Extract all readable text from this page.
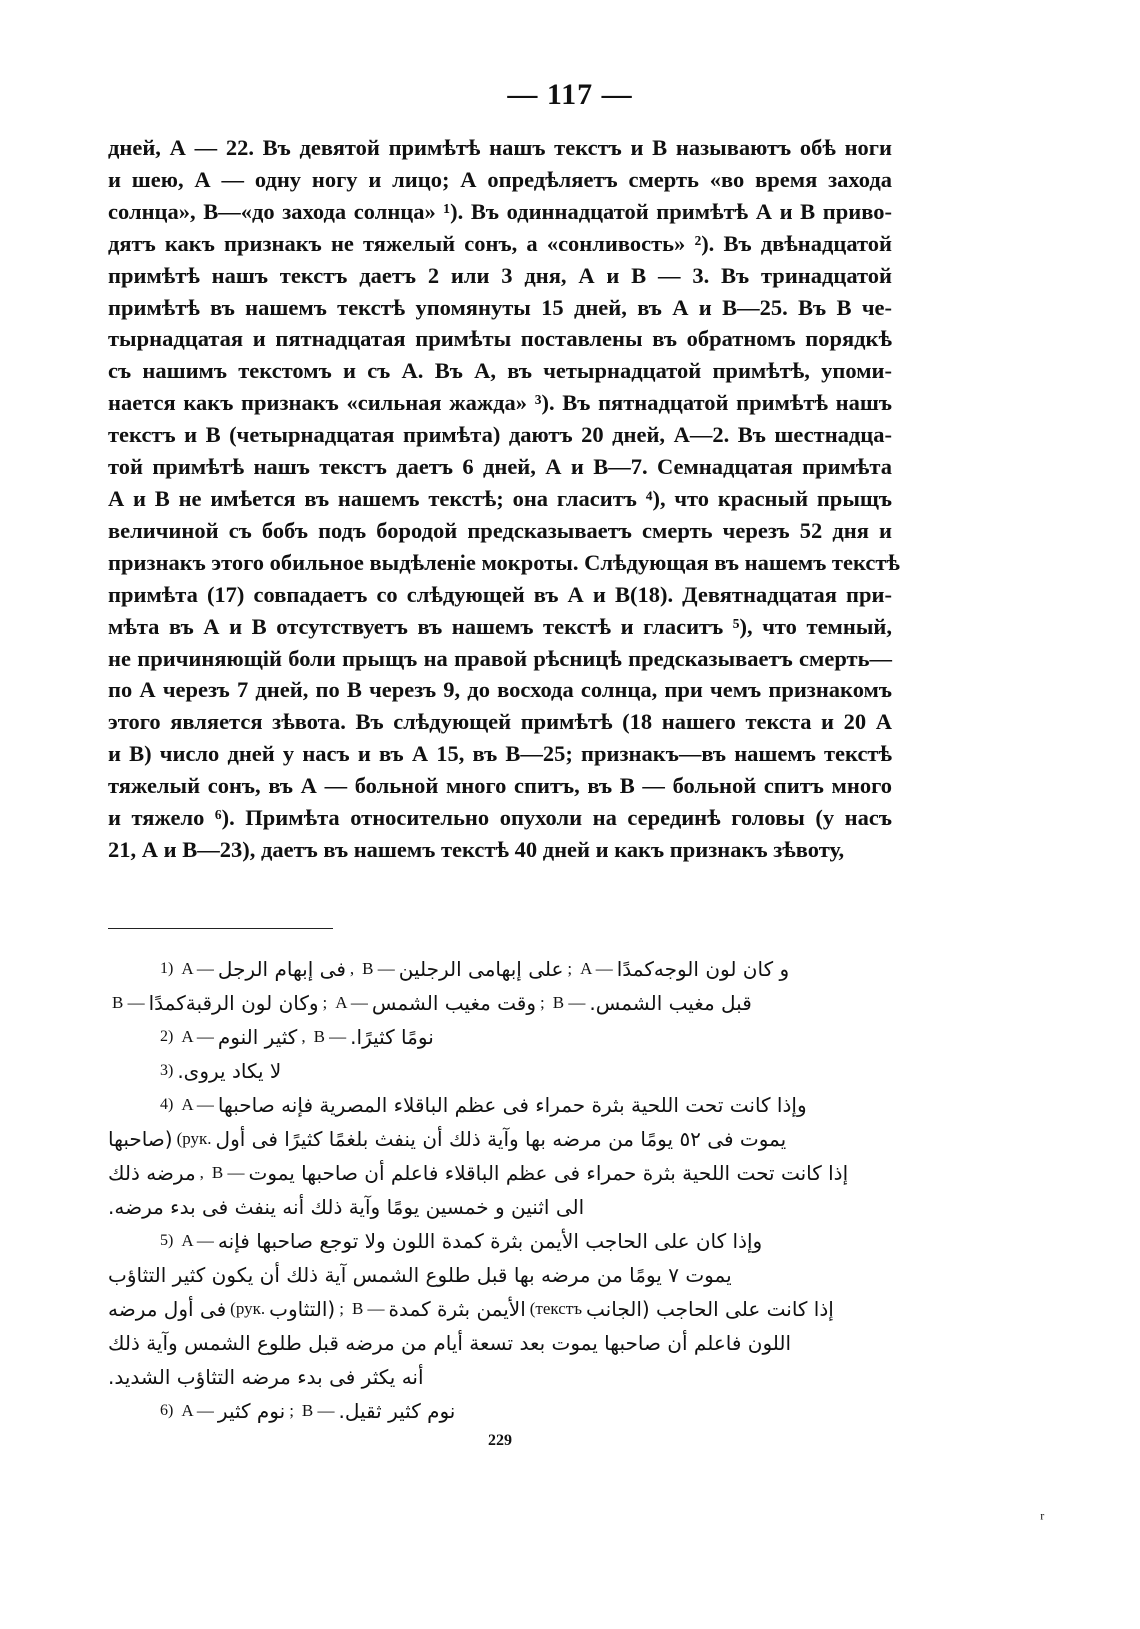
— 117 —
дней, А — 22. Въ девятой примѣтѣ нашъ текстъ и В называютъ обѣ ноги
и шею, А — одну ногу и лицо; А опредѣляетъ смерть «во время захода
солнца», В—«до захода солнца» ¹). Въ одиннадцатой примѣтѣ А и В приво-
дятъ какъ признакъ не тяжелый сонъ, а «сонливость» ²). Въ двѣнадцатой
примѣтѣ нашъ текстъ даетъ 2 или 3 дня, А и В — 3. Въ тринадцатой
примѣтѣ въ нашемъ текстѣ упомянуты 15 дней, въ А и В—25. Въ В че-
тырнадцатая и пятнадцатая примѣты поставлены въ обратномъ порядкѣ
съ нашимъ текстомъ и съ А. Въ А, въ четырнадцатой примѣтѣ, упоми-
нается какъ признакъ «сильная жажда» ³). Въ пятнадцатой примѣтѣ нашъ
текстъ и В (четырнадцатая примѣта) даютъ 20 дней, А—2. Въ шестнадца-
той примѣтѣ нашъ текстъ даетъ 6 дней, А и В—7. Семнадцатая примѣта
А и В не имѣется въ нашемъ текстѣ; она гласитъ ⁴), что красный прыщъ
величиной съ бобъ подъ бородой предсказываетъ смерть черезъ 52 дня и
признакъ этого обильное выдѣленіе мокроты. Слѣдующая въ нашемъ текстѣ
примѣта (17) совпадаетъ со слѣдующей въ А и В(18). Девятнадцатая при-
мѣта въ А и В отсутствуетъ въ нашемъ текстѣ и гласитъ ⁵), что темный,
не причиняющій боли прыщъ на правой рѣсницѣ предсказываетъ смерть—
по А черезъ 7 дней, по В черезъ 9, до восхода солнца, при чемъ признакомъ
этого является зѣвота. Въ слѣдующей примѣтѣ (18 нашего текста и 20 А
и В) число дней у насъ и въ А 15, въ В—25; признакъ—въ нашемъ текстѣ
тяжелый сонъ, въ А — больной много спитъ, въ В — больной спитъ много
и тяжело ⁶). Примѣта относительно опухоли на серединѣ головы (у насъ
21, А и В—23), даетъ въ нашемъ текстѣ 40 дней и какъ признакъ зѣвоту,
1) A — فى إبهام الرجل , B — على إبهامى الرجلين ; A — كمدًا و كان لون الوجه
B — كمدًا وكان لون الرقبة ; A — وقت مغيب الشمس ; B — قبل مغيب الشمس.
2) A — كثير النوم , B — نومًا كثيرًا.
3) لا يكاد يروى.
4) A — وإذا كانت تحت اللحية بثرة حمراء فى عظم الباقلاء المصرية فإنه صاحبها
(صاحبها (рук. يموت فى ٥٢ يومًا من مرضه بها وآية ذلك أن ينفث بلغمًا كثيرًا فى أول
مرضه ذلك , B — إذا كانت تحت اللحية بثرة حمراء فى عظم الباقلاء فاعلم أن صاحبها يموت
الى اثنين و خمسين يومًا وآية ذلك أنه ينفث فى بدء مرضه.
5) A — وإذا كان على الحاجب الأيمن بثرة كمدة اللون ولا توجع صاحبها فإنه
يموت ٧ يومًا من مرضه بها قبل طلوع الشمس آية ذلك أن يكون كثير التثاؤب
فى أول مرضه (рук. (التثاوب ; B — الأيمن بثرة كمدة (текстъ إذا كانت على الحاجب (الجانب
اللون فاعلم أن صاحبها يموت بعد تسعة أيام من مرضه قبل طلوع الشمس وآية ذلك
أنه يكثر فى بدء مرضه التثاؤب الشديد.
6) A — نوم كثير ; B — نوم كثير ثقيل.
229
ʳ
